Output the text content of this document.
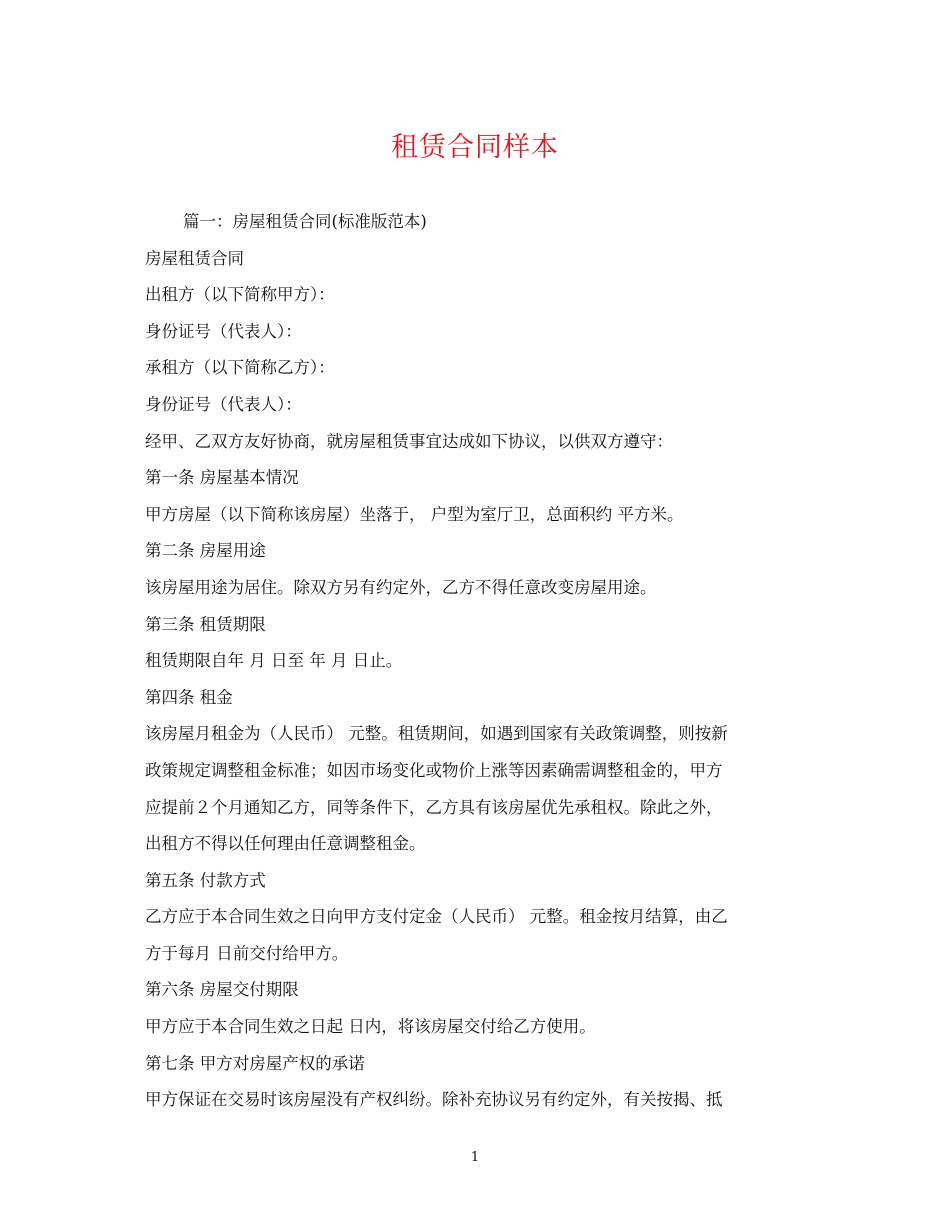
租赁合同样本
篇一：房屋租赁合同(标准版范本)
房屋租赁合同
出租方（以下简称甲方）：
身份证号（代表人）：
承租方（以下简称乙方）：
身份证号（代表人）：
经甲、乙双方友好协商，就房屋租赁事宜达成如下协议，以供双方遵守：
第一条 房屋基本情况
甲方房屋（以下简称该房屋）坐落于， 户型为室厅卫，总面积约 平方米。
第二条 房屋用途
该房屋用途为居住。除双方另有约定外，乙方不得任意改变房屋用途。
第三条 租赁期限
租赁期限自年 月 日至 年 月 日止。
第四条 租金
该房屋月租金为（人民币） 元整。租赁期间，如遇到国家有关政策调整，则按新
政策规定调整租金标准；如因市场变化或物价上涨等因素确需调整租金的，甲方
应提前２个月通知乙方，同等条件下，乙方具有该房屋优先承租权。除此之外，
出租方不得以任何理由任意调整租金。
第五条 付款方式
乙方应于本合同生效之日向甲方支付定金（人民币） 元整。租金按月结算，由乙
方于每月 日前交付给甲方。
第六条 房屋交付期限
甲方应于本合同生效之日起 日内，将该房屋交付给乙方使用。
第七条 甲方对房屋产权的承诺
甲方保证在交易时该房屋没有产权纠纷。除补充协议另有约定外，有关按揭、抵
1
